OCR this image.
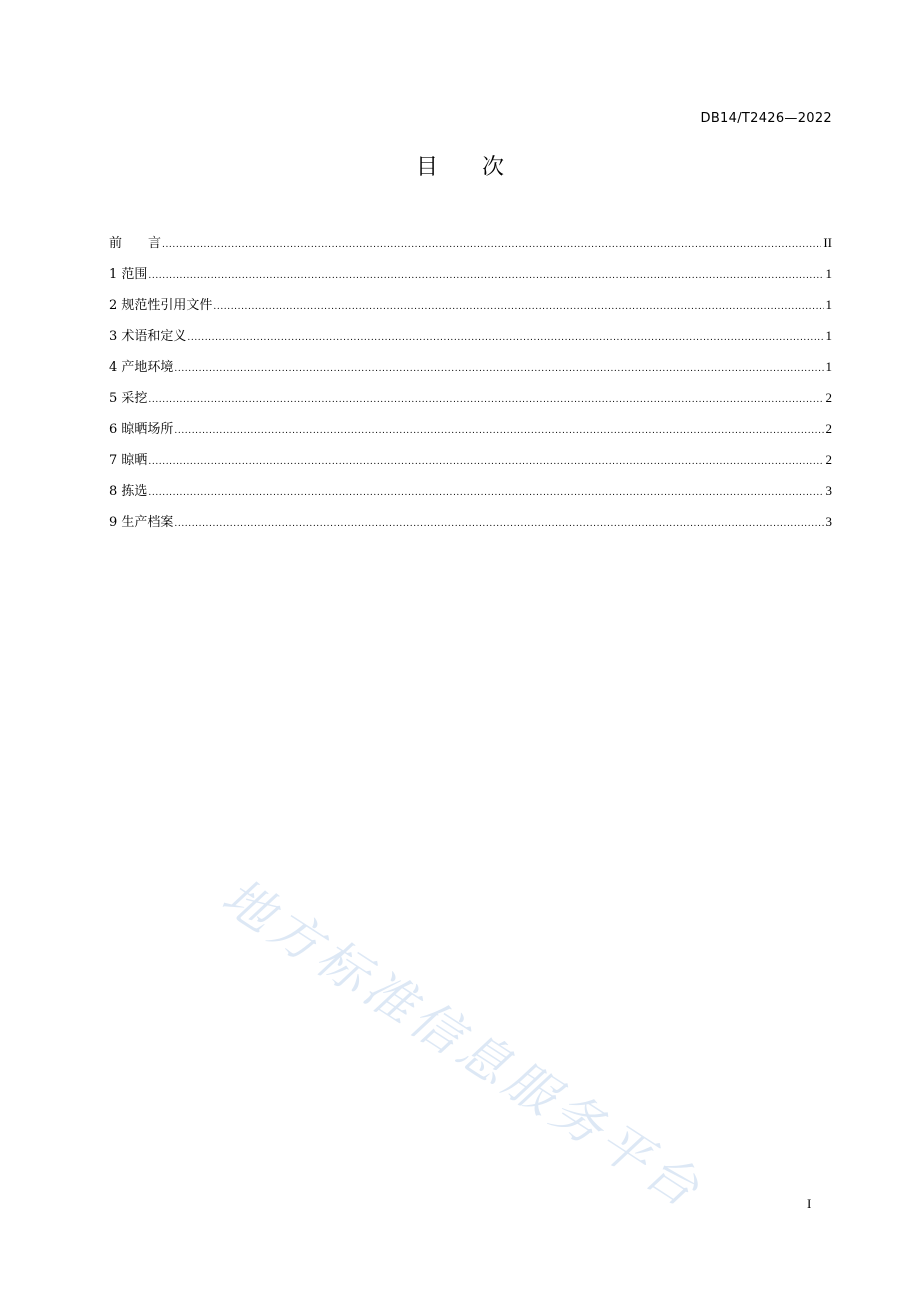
DB14/T2426—2022
目 次
前　　言 .....	II
1 范围 .....	1
2 规范性引用文件 .....	1
3 术语和定义 .....	1
4 产地环境 .....	1
5 采挖 .....	2
6 晾晒场所 .....	2
7 晾晒 .....	2
8 拣选 .....	3
9 生产档案 .....	3
地方标准信息服务平台	I
